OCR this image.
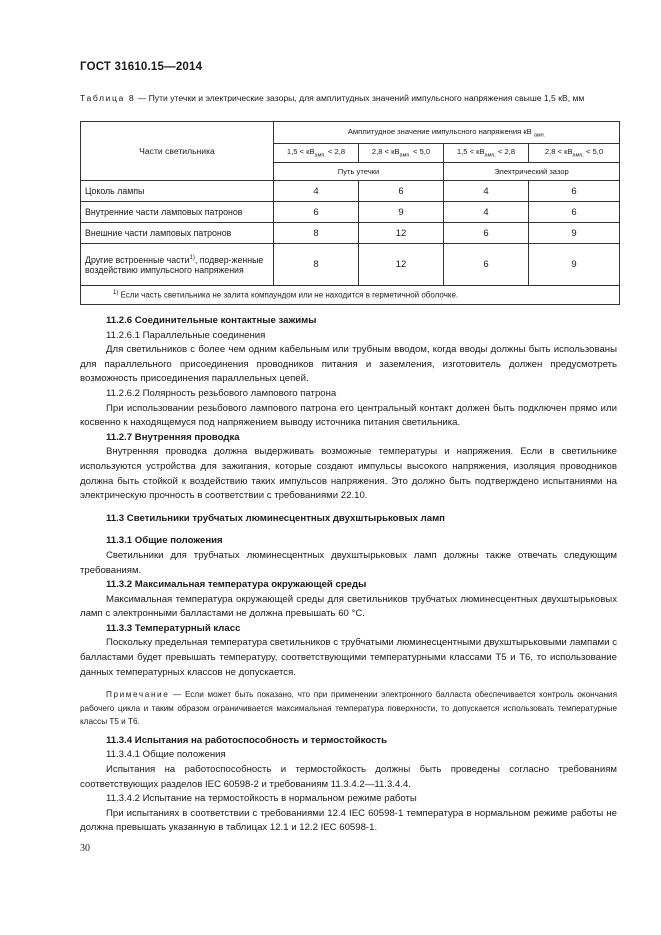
ГОСТ 31610.15—2014
Таблица 8 — Пути утечки и электрические зазоры, для амплитудных значений импульсного напряжения свыше 1,5 кВ, мм
Части светильника	Амплитудное значение импульсного напряжения кВ $_{амп.}$
	$1,5 < кВ_{амп.} < 2,8$	$2,8 < кВ_{амп.} < 5,0$	$1,5 < кВ_{амп.} < 2,8$	$2,8 < кВ_{амп.} < 5,0$
	Путь утечки		Электрический зазор	
Цоколь лампы	4	6	4	6
Внутренние части ламповых патронов	6	9	4	6
Внешние части ламповых патронов	8	12	6	9
Другие встроенные части$^{1)}$, подвер-женные воздействию импульсного напряжения	8	12	6	9
$^{1)}$ Если часть светильника не залита компаундом или не находится в герметичной оболочке.				

11.2.6 Соединительные контактные зажимы

11.2.6.1 Параллельные соединения

Для светильников с более чем одним кабельным или трубным вводом, когда вводы должны быть использованы для параллельного присоединения проводников питания и заземления, изготовитель должен предусмотреть возможность присоединения параллельных цепей.

11.2.6.2 Полярность резьбового лампового патрона

При использовании резьбового лампового патрона его центральный контакт должен быть подключен прямо или косвенно к находящемуся под напряжением выводу источника питания светильника.

11.2.7 Внутренняя проводка

Внутренняя проводка должна выдерживать возможные температуры и напряжения. Если в светильнике используются устройства для зажигания, которые создают импульсы высокого напряжения, изоляция проводников должна быть стойкой к воздействию таких импульсов напряжения. Это должно быть подтверждено испытаниями на электрическую прочность в соответствии с требованиями 22.10.

11.3 Светильники трубчатых люминесцентных двухштырьковых ламп

11.3.1 Общие положения

Светильники для трубчатых люминесцентных двухштырьковых ламп должны также отвечать следующим требованиям.

11.3.2 Максимальная температура окружающей среды

Максимальная температура окружающей среды для светильников трубчатых люминесцентных двухштырьковых ламп с электронными балластами не должна превышать 60 °С.

11.3.3 Температурный класс

Поскольку предельная температура светильников с трубчатыми люминесцентными двухштырьковыми лампами с балластами будет превышать температуру, соответствующими температурными классами Т5 и Т6, то использование данных температурных классов не допускается.

Примечание — Если может быть показано, что при применении электронного балласта обеспечивается контроль окончания рабочего цикла и таким образом ограничивается максимальная температура поверхности, то допускается использовать температурные классы Т5 и Т6.

11.3.4 Испытания на работоспособность и термостойкость

11.3.4.1 Общие положения

Испытания на работоспособность и термостойкость должны быть проведены согласно требованиям соответствующих разделов IEC 60598-2 и требованиям 11.3.4.2—11.3.4.4.

11.3.4.2 Испытание на термостойкость в нормальном режиме работы

При испытаниях в соответствии с требованиями 12.4 IEC 60598-1 температура в нормальном режиме работы не должна превышать указанную в таблицах 12.1 и 12.2 IEC 60598-1.

30
